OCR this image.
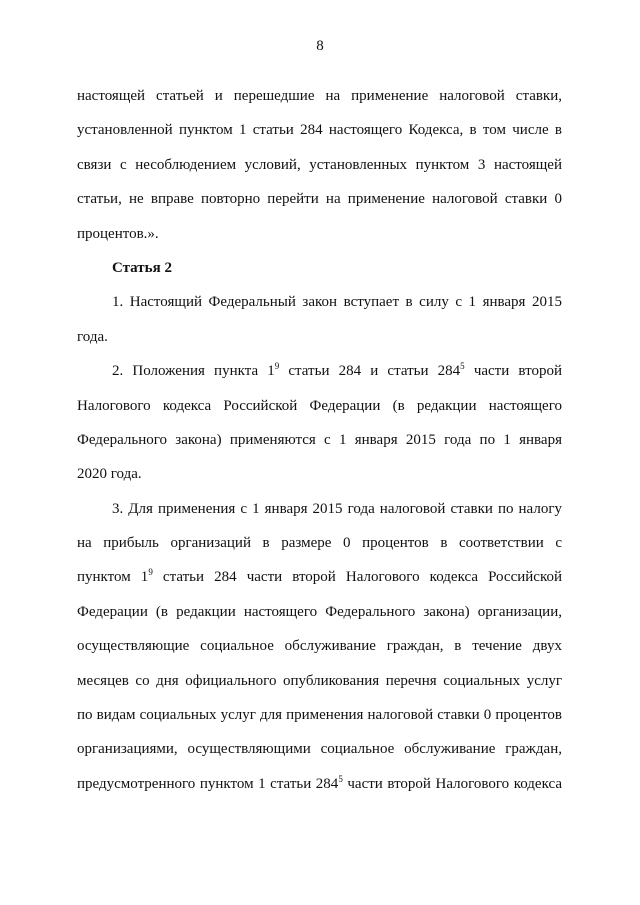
8
настоящей статьей и перешедшие на применение налоговой ставки,
установленной пунктом 1 статьи 284 настоящего Кодекса, в том числе в
связи с несоблюдением условий, установленных пунктом 3 настоящей
статьи, не вправе повторно перейти на применение налоговой ставки 0
процентов.».
Статья 2
1. Настоящий Федеральный закон вступает в силу с 1 января 2015
года.
2. Положения пункта $1^9$ статьи 284 и статьи $284^5$ части второй
Налогового кодекса Российской Федерации (в редакции настоящего
Федерального закона) применяются с 1 января 2015 года по 1 января
2020 года.
3. Для применения с 1 января 2015 года налоговой ставки по налогу
на прибыль организаций в размере 0 процентов в соответствии с
пунктом $1^9$ статьи 284 части второй Налогового кодекса Российской
Федерации (в редакции настоящего Федерального закона) организации,
осуществляющие социальное обслуживание граждан, в течение двух
месяцев со дня официального опубликования перечня социальных услуг
по видам социальных услуг для применения налоговой ставки 0 процентов
организациями, осуществляющими социальное обслуживание граждан,
предусмотренного пунктом 1 статьи $284^5$ части второй Налогового кодекса
